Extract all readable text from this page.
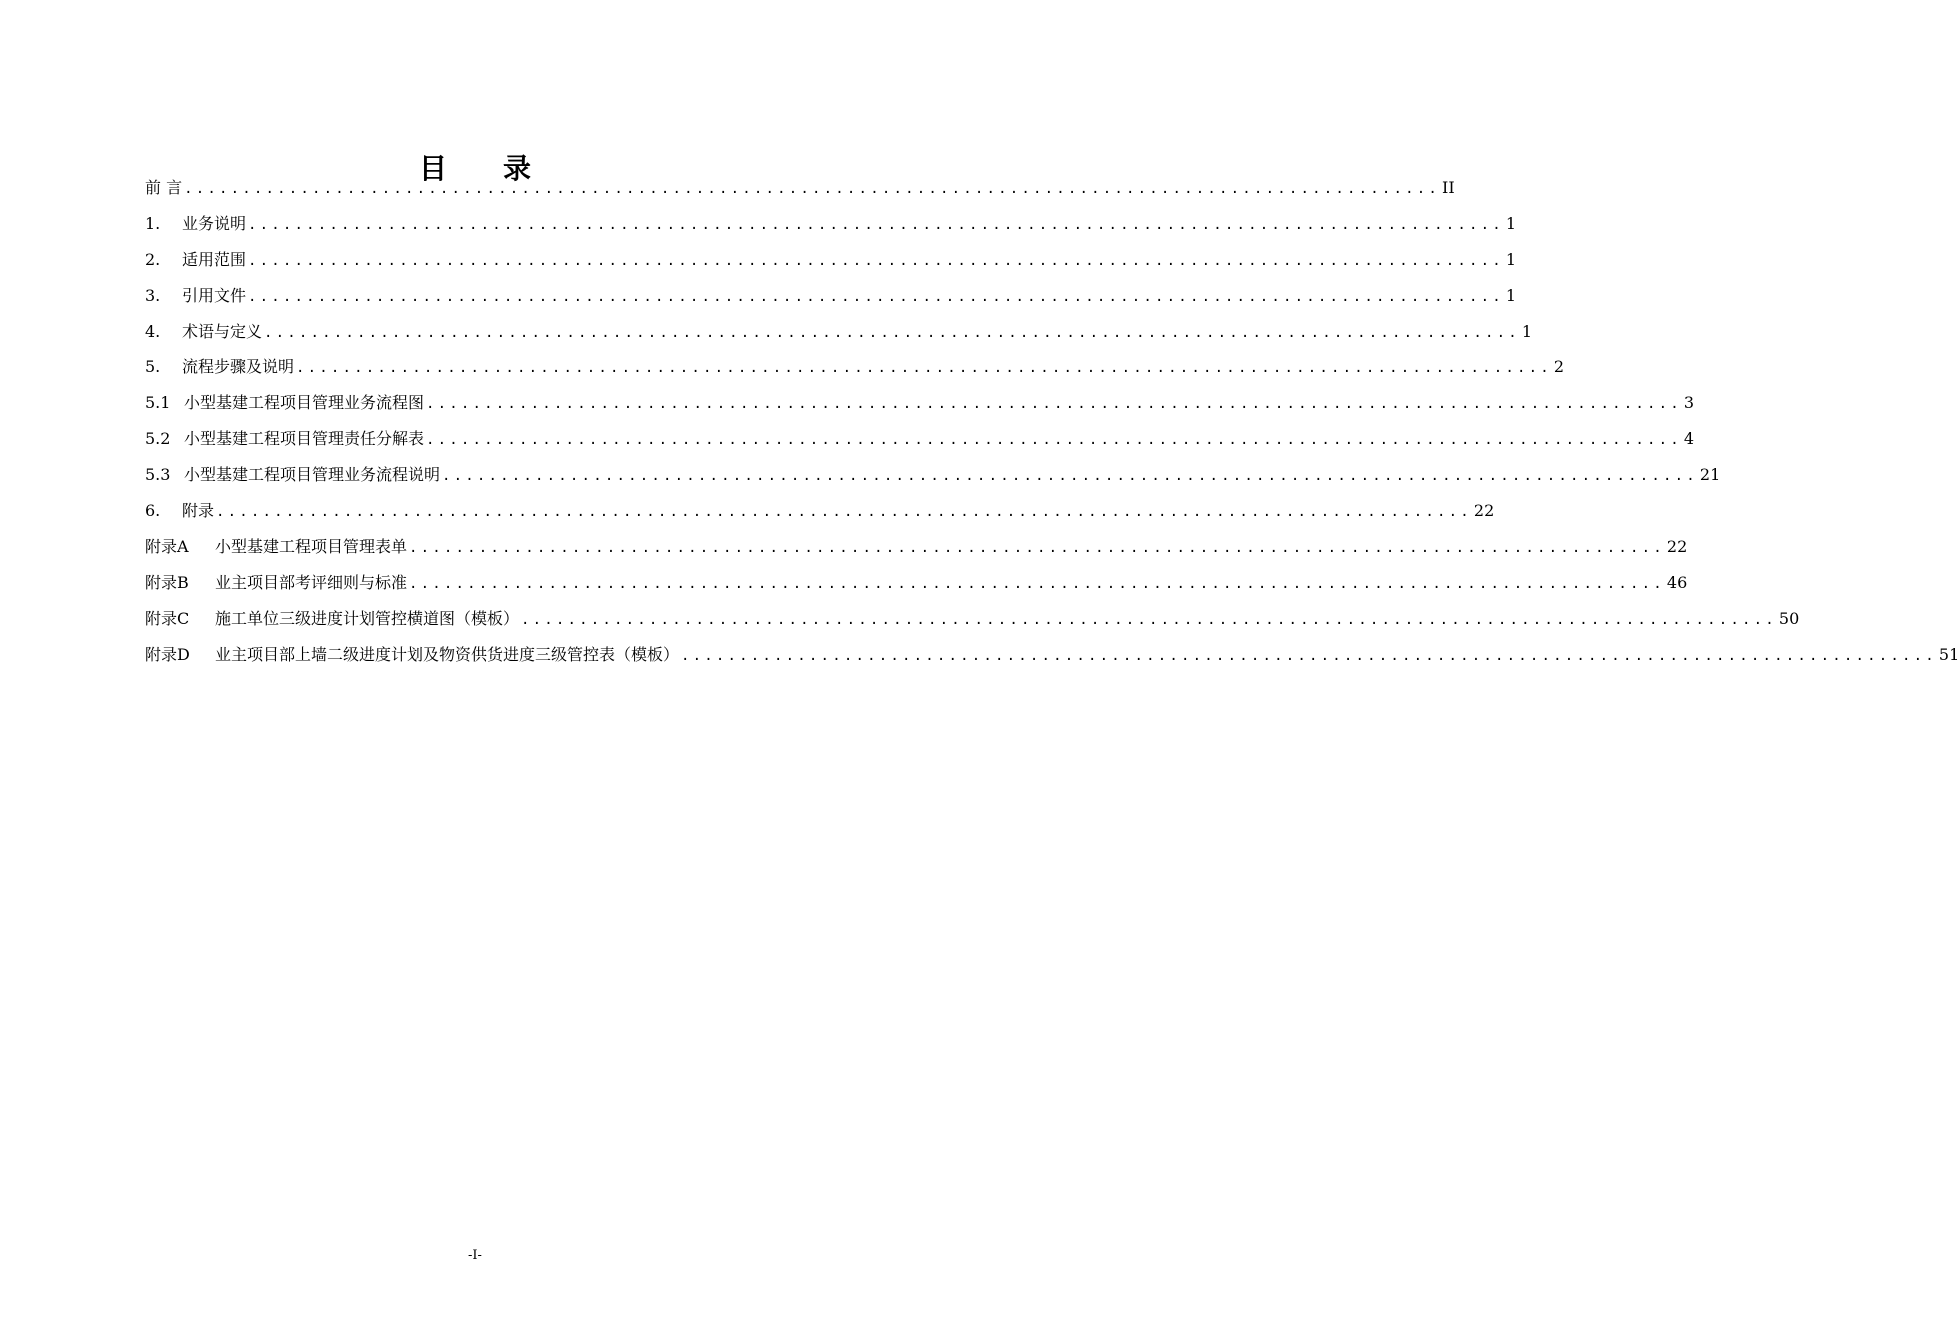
目　　录
前 言 ............................................................................................................ II
1.	业务说明 ............................................................................................................ 1
2.	适用范围 ............................................................................................................ 1
3.	引用文件 ............................................................................................................ 1
4.	术语与定义 ............................................................................................................ 1
5.	流程步骤及说明 ............................................................................................................ 2
5.1 小型基建工程项目管理业务流程图 ............................................................................................................ 3
5.2 小型基建工程项目管理责任分解表 ............................................................................................................ 4
5.3 小型基建工程项目管理业务流程说明 ............................................................................................................ 21
6.	附录 ............................................................................................................ 22
附录A	小型基建工程项目管理表单 ............................................................................................................ 22
附录B	业主项目部考评细则与标准 ............................................................................................................ 46
附录C	施工单位三级进度计划管控横道图（模板） ............................................................................................................ 50
附录D	业主项目部上墙二级进度计划及物资供货进度三级管控表（模板） ............................................................................................................ 51
-I-
